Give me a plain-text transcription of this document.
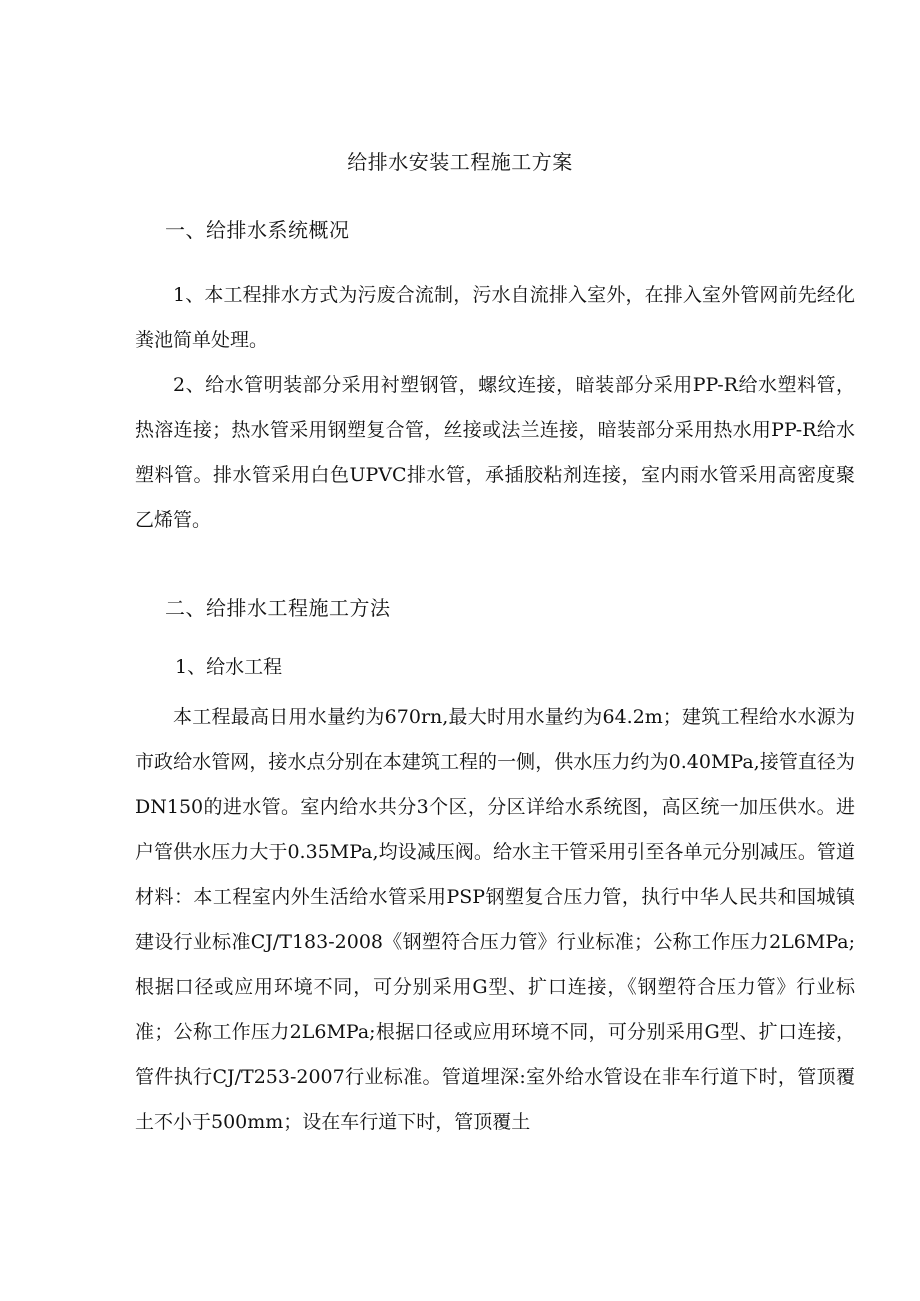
给排水安装工程施工方案
一、给排水系统概况

1、本工程排水方式为污废合流制，污水自流排入室外，在排入室外管网前先经化粪池简单处理。

2、给水管明装部分采用衬塑钢管，螺纹连接，暗装部分采用PP-R给水塑料管，热溶连接；热水管采用钢塑复合管，丝接或法兰连接，暗装部分采用热水用PP-R给水塑料管。排水管采用白色UPVC排水管，承插胶粘剂连接，室内雨水管采用高密度聚乙烯管。

二、给排水工程施工方法
1、给水工程

本工程最高日用水量约为670rn,最大时用水量约为64.2m；建筑工程给水水源为市政给水管网，接水点分别在本建筑工程的一侧，供水压力约为0.40MPa,接管直径为DN150的进水管。室内给水共分3个区，分区详给水系统图，高区统一加压供水。进户管供水压力大于0.35MPa,均设减压阀。给水主干管采用引至各单元分别减压。管道材料：本工程室内外生活给水管采用PSP钢塑复合压力管，执行中华人民共和国城镇建设行业标准CJ/T183-2008《钢塑符合压力管》行业标准；公称工作压力2L6MPa;根据口径或应用环境不同，可分别采用G型、扩口连接，《钢塑符合压力管》行业标准；公称工作压力2L6MPa;根据口径或应用环境不同，可分别采用G型、扩口连接，管件执行CJ/T253-2007行业标准。管道埋深:室外给水管设在非车行道下时，管顶覆土不小于500mm；设在车行道下时，管顶覆土
